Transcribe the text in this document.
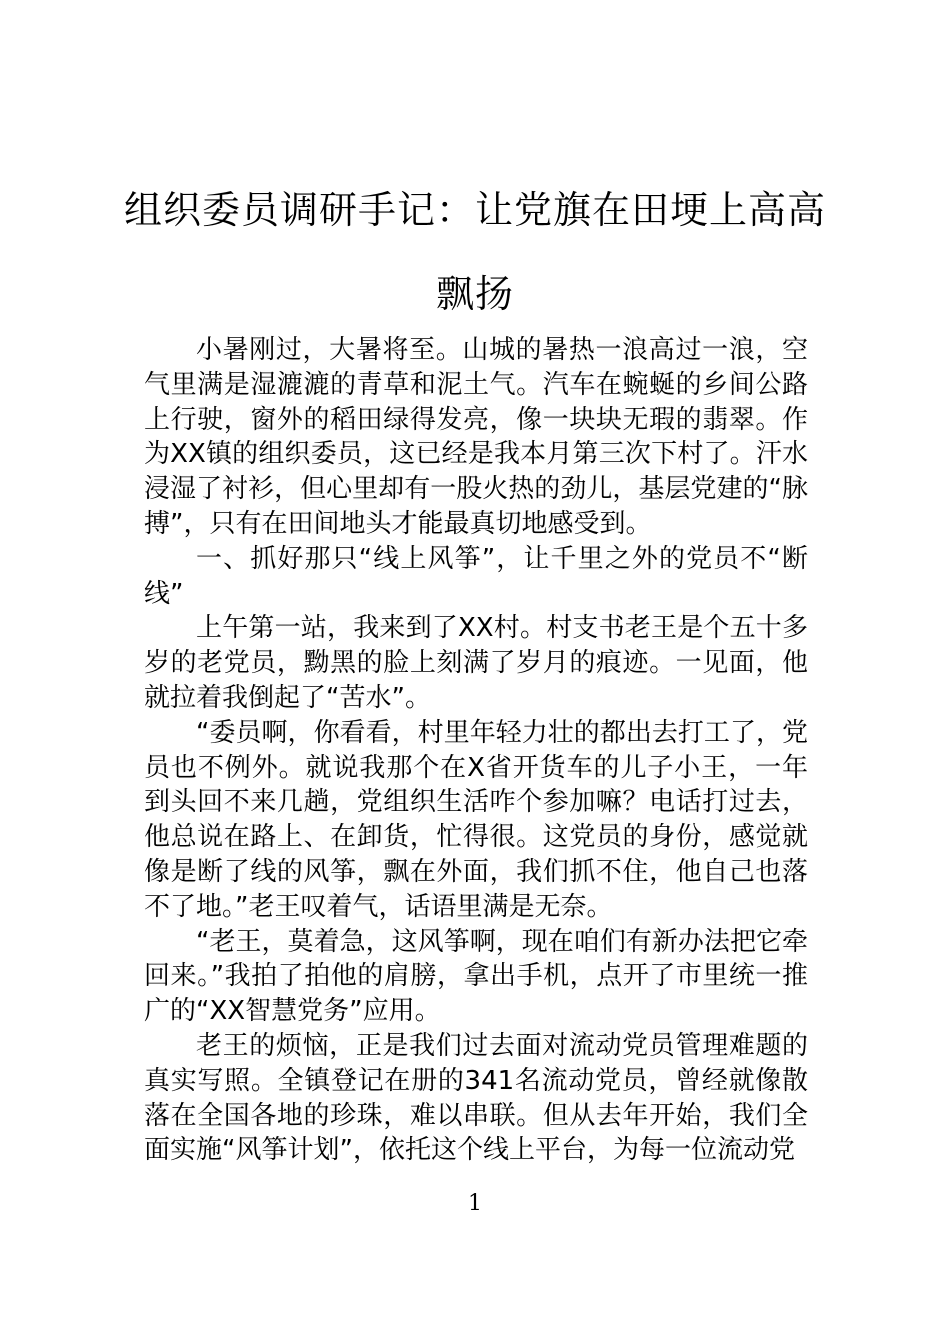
组织委员调研手记：让党旗在田埂上高高飘扬

小暑刚过，大暑将至。山城的暑热一浪高过一浪，空气里满是湿漉漉的青草和泥土气。汽车在蜿蜒的乡间公路上行驶，窗外的稻田绿得发亮，像一块块无瑕的翡翠。作为XX镇的组织委员，这已经是我本月第三次下村了。汗水浸湿了衬衫，但心里却有一股火热的劲儿，基层党建的“脉搏”，只有在田间地头才能最真切地感受到。

一、抓好那只“线上风筝”，让千里之外的党员不“断线”

上午第一站，我来到了XX村。村支书老王是个五十多岁的老党员，黝黑的脸上刻满了岁月的痕迹。一见面，他就拉着我倒起了“苦水”。

“委员啊，你看看，村里年轻力壮的都出去打工了，党员也不例外。就说我那个在X省开货车的儿子小王，一年到头回不来几趟，党组织生活咋个参加嘛？电话打过去，他总说在路上、在卸货，忙得很。这党员的身份，感觉就像是断了线的风筝，飘在外面，我们抓不住，他自己也落不了地。”老王叹着气，话语里满是无奈。

“老王，莫着急，这风筝啊，现在咱们有新办法把它牵回来。”我拍了拍他的肩膀，拿出手机，点开了市里统一推广的“XX智慧党务”应用。

老王的烦恼，正是我们过去面对流动党员管理难题的真实写照。全镇登记在册的341名流动党员，曾经就像散落在全国各地的珍珠，难以串联。但从去年开始，我们全面实施“风筝计划”，依托这个线上平台，为每一位流动党

1
